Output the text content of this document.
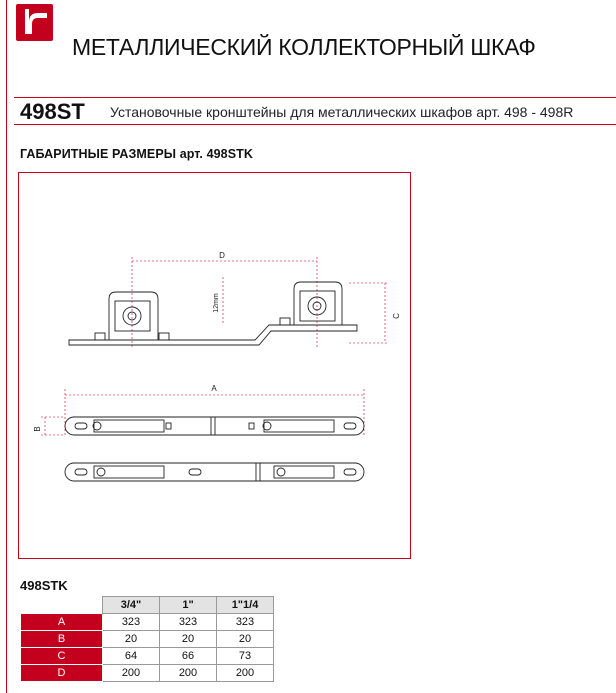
МЕТАЛЛИЧЕСКИЙ КОЛЛЕКТОРНЫЙ ШКАФ
498ST Установочные кронштейны для металлических шкафов арт. 498 - 498R
ГАБАРИТНЫЕ РАЗМЕРЫ арт. 498STK
D
12mm
C
A
B
498STK
	3/4"	1"	1"1/4
A	323	323	323
B	20	20	20
C	64	66	73
D	200	200	200
